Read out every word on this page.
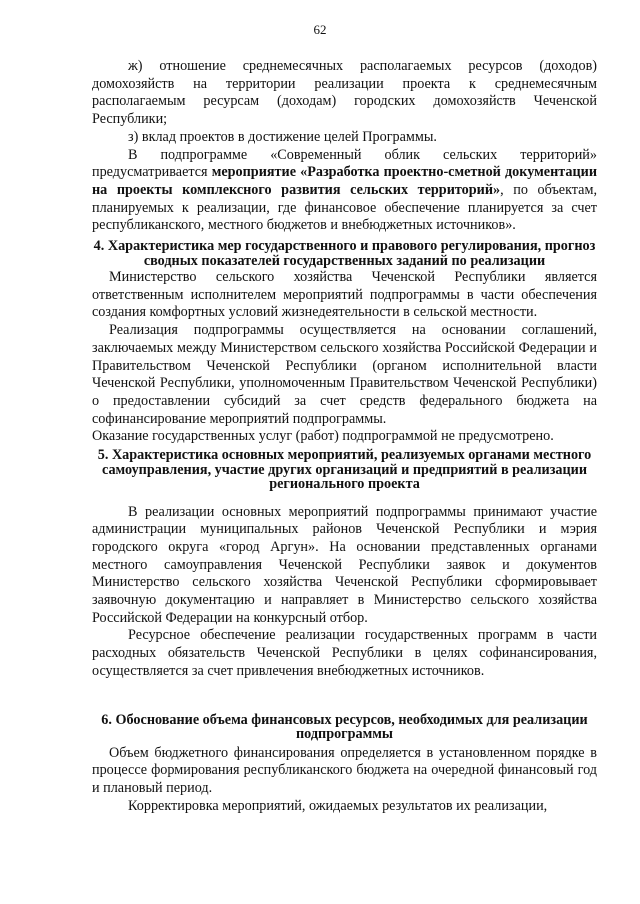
62

ж) отношение среднемесячных располагаемых ресурсов (доходов) домохозяйств на территории реализации проекта к среднемесячным располагаемым ресурсам (доходам) городских домохозяйств Чеченской Республики;

з) вклад проектов в достижение целей Программы.

В подпрограмме «Современный облик сельских территорий» предусматривается мероприятие «Разработка проектно-сметной документации на проекты комплексного развития сельских территорий», по объектам, планируемых к реализации, где финансовое обеспечение планируется за счет республиканского, местного бюджетов и внебюджетных источников».

4. Характеристика мер государственного и правового регулирования, прогноз сводных показателей государственных заданий по реализации

Министерство сельского хозяйства Чеченской Республики является ответственным исполнителем мероприятий подпрограммы в части обеспечения создания комфортных условий жизнедеятельности в сельской местности.

Реализация подпрограммы осуществляется на основании соглашений, заключаемых между Министерством сельского хозяйства Российской Федерации и Правительством Чеченской Республики (органом исполнительной власти Чеченской Республики, уполномоченным Правительством Чеченской Республики) о предоставлении субсидий за счет средств федерального бюджета на софинансирование мероприятий подпрограммы.

Оказание государственных услуг (работ) подпрограммой не предусмотрено.

5. Характеристика основных мероприятий, реализуемых органами местного самоуправления, участие других организаций и предприятий в реализации регионального проекта

В реализации основных мероприятий подпрограммы принимают участие администрации муниципальных районов Чеченской Республики и мэрия городского округа «город Аргун». На основании представленных органами местного самоуправления Чеченской Республики заявок и документов Министерство сельского хозяйства Чеченской Республики сформировывает заявочную документацию и направляет в Министерство сельского хозяйства Российской Федерации на конкурсный отбор.

Ресурсное обеспечение реализации государственных программ в части расходных обязательств Чеченской Республики в целях софинансирования, осуществляется за счет привлечения внебюджетных источников.

6. Обоснование объема финансовых ресурсов, необходимых для реализации подпрограммы

Объем бюджетного финансирования определяется в установленном порядке в процессе формирования республиканского бюджета на очередной финансовый год и плановый период.

Корректировка мероприятий, ожидаемых результатов их реализации,
